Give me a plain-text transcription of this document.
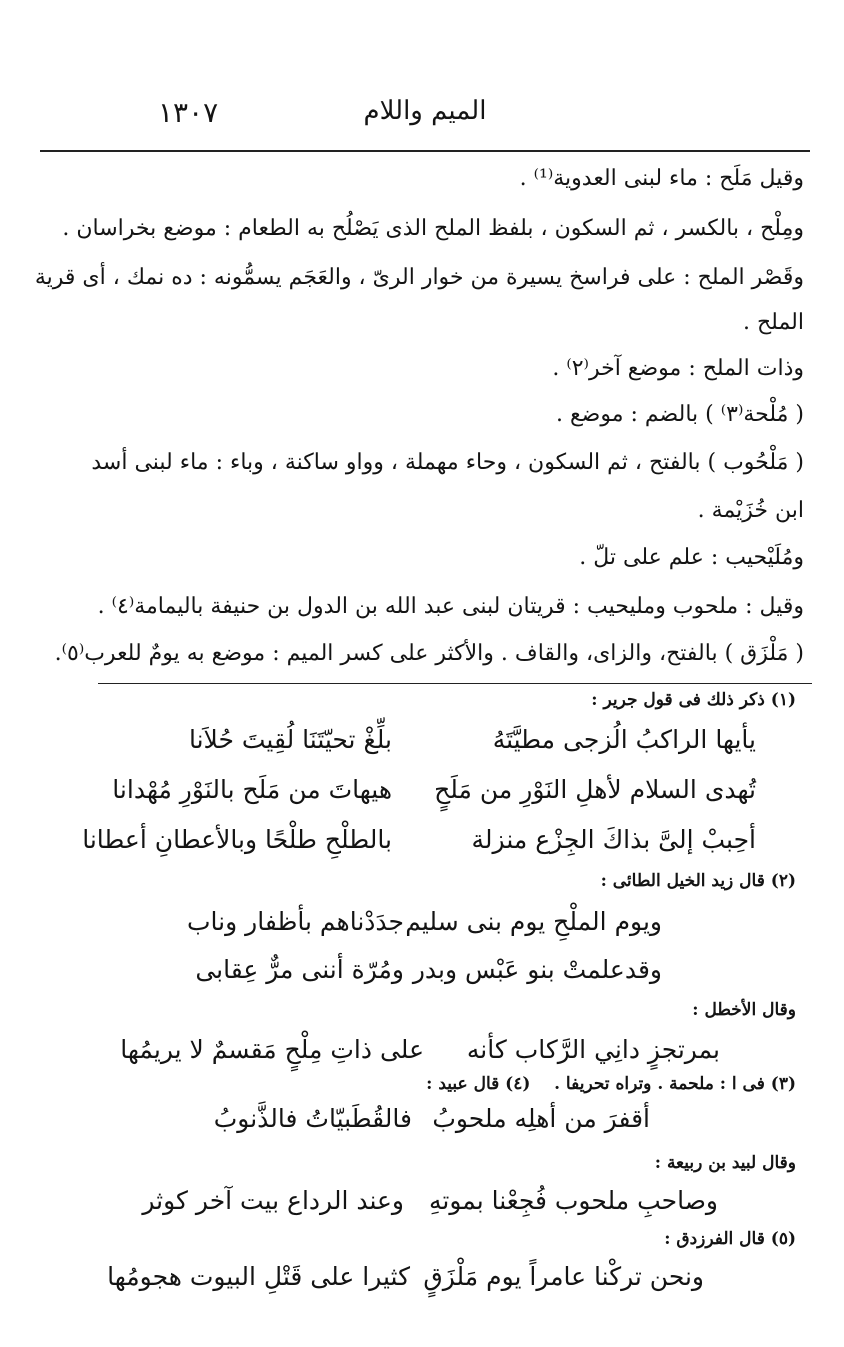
الميم واللام
١٣٠٧
وقيل مَلَح : ماء لبنى العدوية⁽¹⁾ .
ومِلْح ، بالكسر ، ثم السكون ، بلفظ الملح الذى يَصْلُح به الطعام : موضع بخراسان .
وقَصْر الملح : على فراسخ يسيرة من خوار الرىّ ، والعَجَم يسمُّونه : ده نمك ، أى قرية
الملح .
وذات الملح : موضع آخر⁽٢⁾ .
( مُلْحة⁽٣⁾ ) بالضم : موضع .
( مَلْحُوب ) بالفتح ، ثم السكون ، وحاء مهملة ، وواو ساكنة ، وباء : ماء لبنى أسد
ابن خُزَيْمة .
ومُلَيْحيب : علم على تلّ .
وقيل : ملحوب ومليحيب : قريتان لبنى عبد الله بن الدول بن حنيفة باليمامة⁽٤⁾ .
( مَلْزَق ) بالفتح، والزاى، والقاف . والأكثر على كسر الميم : موضع به يومٌ للعرب⁽٥⁾.
(١) ذكر ذلك فى قول جرير :
يأيها الراكبُ الُزجى مطيَّتَهُ
بلِّغْ تحيّتَنَا لُقِيتَ حُلاَنا
تُهدى السلام لأهلِ النَوْرِ من مَلَحٍ
هيهاتَ من مَلَح بالنَوْرِ مُهْدانا
أحِببْ إلىَّ بذاكَ الجِزْع منزلة
بالطلْحِ طلْحًا وبالأعطانِ أعطانا
(٢) قال زيد الخيل الطائى :
ويوم الملْحِ يوم بنى سليم
جدَدْناهم بأظفار وناب
وقدعلمتْ بنو عَبْس وبدر
ومُرّة أننى مرٌّ عِقابى
وقال الأخطل :
بمرتجزٍ دانِي الرَّكاب كأنه
على ذاتِ مِلْحٍ مَقسمٌ لا يريمُها
(٣) فى ا : ملحمة . وتراه تحريفا .    (٤) قال عبيد :
أقفرَ من أهلِه ملحوبُ
فالقُطَبيّاتُ فالذَّنوبُ
وقال لبيد بن ربيعة :
وصاحبِ ملحوب فُجِعْنا بموتهِ
وعند الرداع بيت آخر كوثر
(٥) قال الفرزدق :
ونحن تركْنا عامراً يوم مَلْزَقٍ
كثيرا على قَتْلِ البيوت هجومُها
